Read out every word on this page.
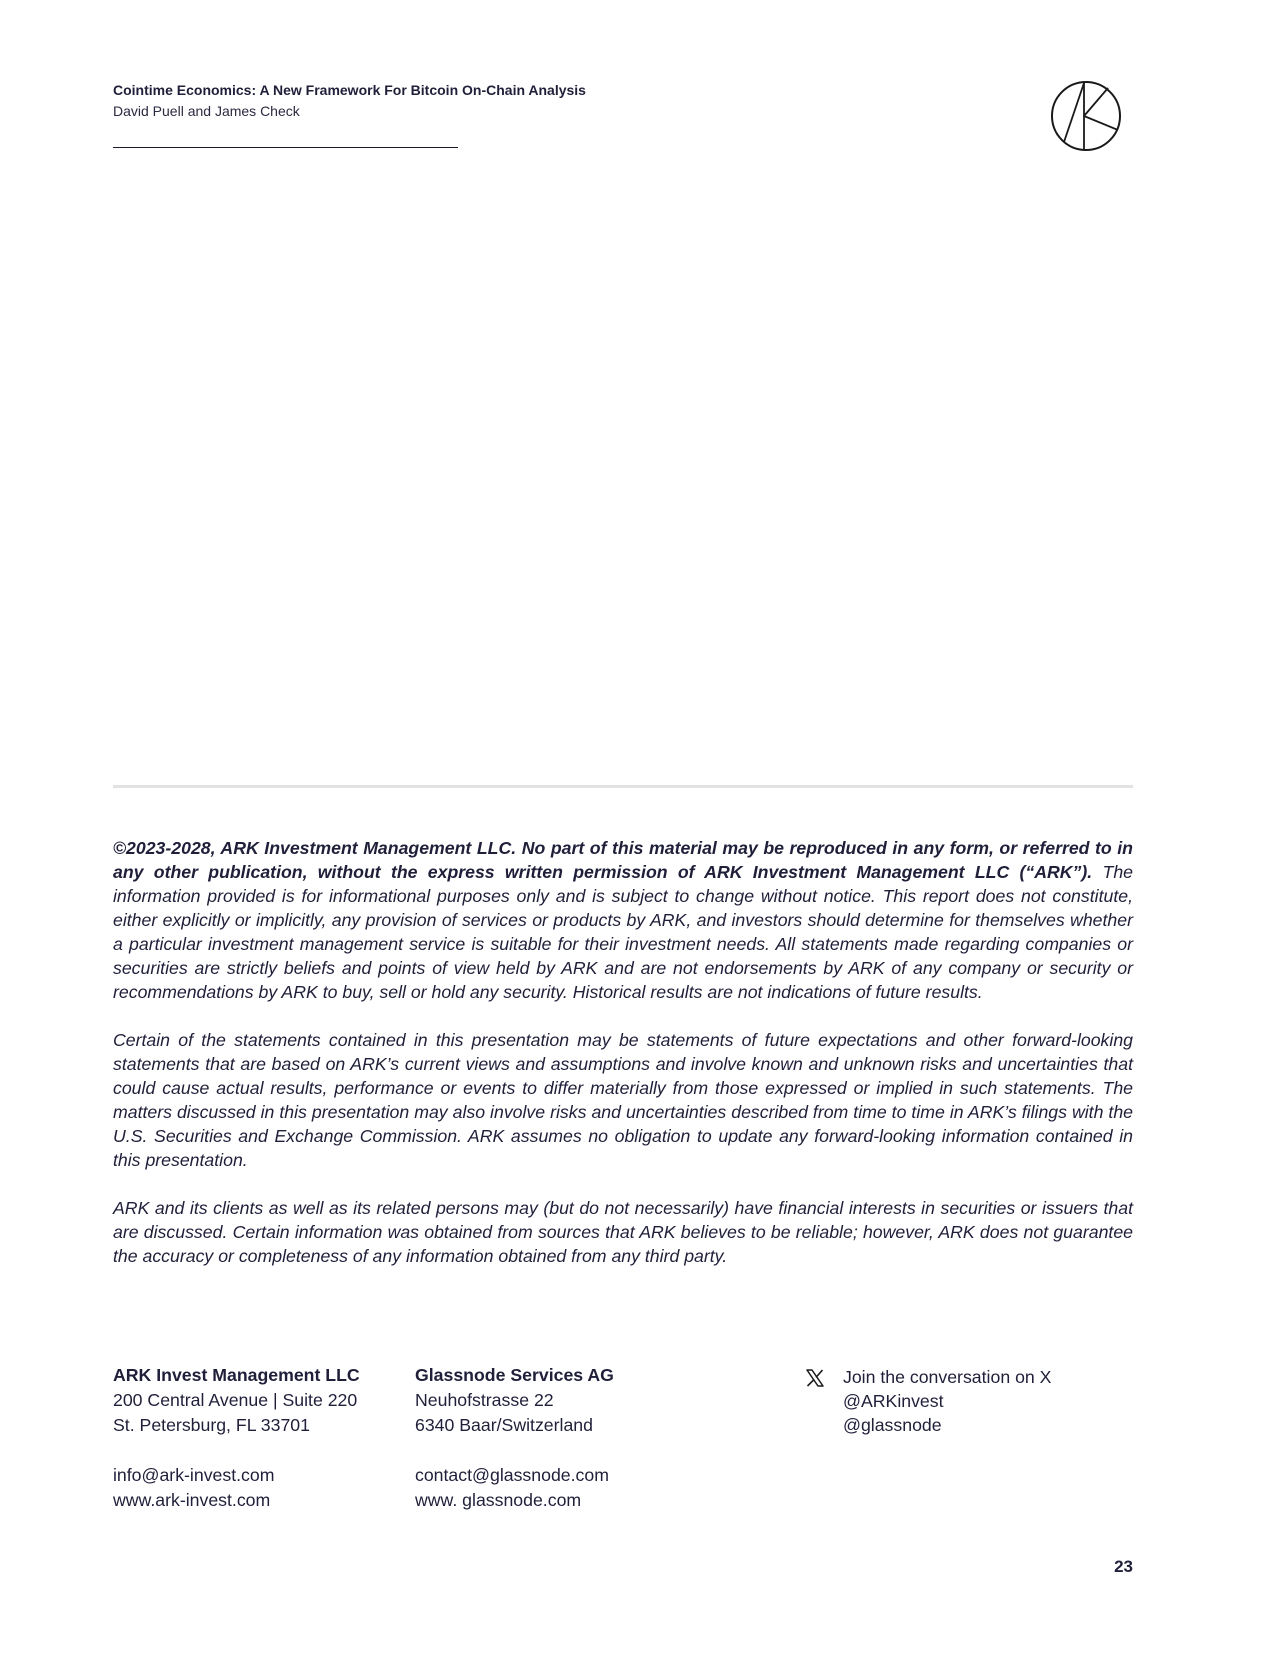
Cointime Economics: A New Framework For Bitcoin On-Chain Analysis
David Puell and James Check

©2023-2028, ARK Investment Management LLC. No part of this material may be reproduced in any form, or referred to in any other publication, without the express written permission of ARK Investment Management LLC (“ARK”). The information provided is for informational purposes only and is subject to change without notice. This report does not constitute, either explicitly or implicitly, any provision of services or products by ARK, and investors should determine for themselves whether a particular investment management service is suitable for their investment needs. All statements made regarding companies or securities are strictly beliefs and points of view held by ARK and are not endorsements by ARK of any company or security or recommendations by ARK to buy, sell or hold any security. Historical results are not indications of future results.

Certain of the statements contained in this presentation may be statements of future expectations and other forward-looking statements that are based on ARK’s current views and assumptions and involve known and unknown risks and uncertainties that could cause actual results, performance or events to differ materially from those expressed or implied in such statements. The matters discussed in this presentation may also involve risks and uncertainties described from time to time in ARK’s filings with the U.S. Securities and Exchange Commission. ARK assumes no obligation to update any forward-looking information contained in this presentation.

ARK and its clients as well as its related persons may (but do not necessarily) have financial interests in securities or issuers that are discussed. Certain information was obtained from sources that ARK believes to be reliable; however, ARK does not guarantee the accuracy or completeness of any information obtained from any third party.

ARK Invest Management LLC
200 Central Avenue | Suite 220
St. Petersburg, FL 33701
info@ark-invest.com
www.ark-invest.com
Glassnode Services AG
Neuhofstrasse 22
6340 Baar/Switzerland
contact@glassnode.com
www. glassnode.com
Join the conversation on X
@ARKinvest
@glassnode
23
